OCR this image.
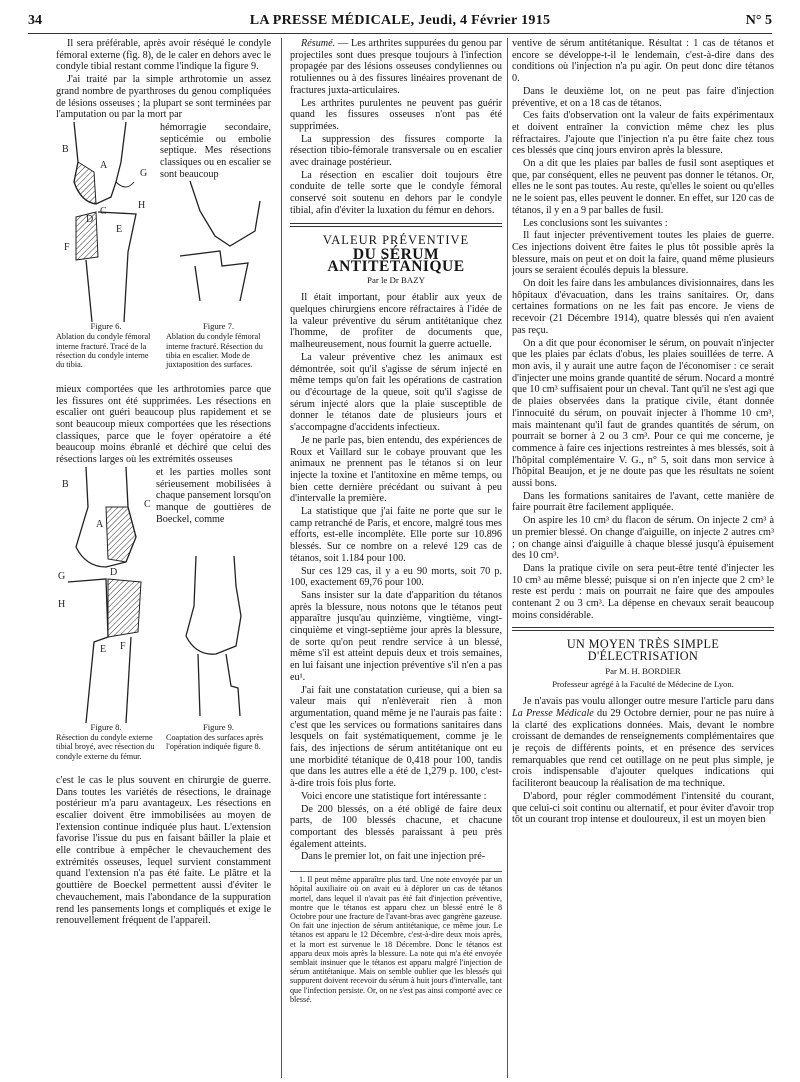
34	LA PRESSE MÉDICALE, Jeudi, 4 Février 1915	N° 5

Il sera préférable, après avoir réséqué le condyle fémoral externe (fig. 8), de le caler en dehors avec le condyle tibial restant comme l'indique la figure 9.

J'ai traité par la simple arthrotomie un assez grand nombre de pyarthroses du genou compliquées de lésions osseuses ; la plupart se sont terminées par l'amputation ou par la mort par

B
A
G
C
D
H
E
F

hémorragie secondaire, septicémie ou embolie septique. Mes résections classiques ou en escalier se sont beaucoup

Figure 6.
Ablation du condyle fémoral interne fracturé. Tracé de la résection du condyle interne du tibia.
Figure 7.
Ablation du condyle fémoral interne fracturé. Résection du tibia en escalier. Mode de juxtaposition des surfaces.

mieux comportées que les arthrotomies parce que les fissures ont été supprimées. Les résections en escalier ont guéri beaucoup plus rapidement et se sont beaucoup mieux comportées que les résections classiques, parce que le foyer opératoire a été beaucoup moins ébranlé et déchiré que celui des résections larges où les extrémités osseuses

B
A
C
D
G
H
F
E

et les parties molles sont sérieusement mobilisées à chaque pansement lorsqu'on manque de gouttières de Boeckel, comme

Figure 8.
Résection du condyle externe tibial broyé, avec résection du condyle externe du fémur.
Figure 9.
Coaptation des surfaces après l'opération indiquée figure 8.

c'est le cas le plus souvent en chirurgie de guerre. Dans toutes les variétés de résections, le drainage postérieur m'a paru avantageux. Les résections en escalier doivent être immobilisées au moyen de l'extension continue indiquée plus haut. L'extension favorise l'issue du pus en faisant bâiller la plaie et elle contribue à empêcher le chevauchement des extrémités osseuses, lequel survient constamment quand l'extension n'a pas été faite. Le plâtre et la gouttière de Boeckel permettent aussi d'éviter le chevauchement, mais l'abondance de la suppuration rend les pansements longs et compliqués et exige le renouvellement fréquent de l'appareil.

Résumé. — Les arthrites suppurées du genou par projectiles sont dues presque toujours à l'infection propagée par des lésions osseuses condyliennes ou rotuliennes ou à des fissures linéaires provenant de fractures juxta-articulaires.

Les arthrites purulentes ne peuvent pas guérir quand les fissures osseuses n'ont pas été supprimées.

La suppression des fissures comporte la résection tibio-fémorale transversale ou en escalier avec drainage postérieur.

La résection en escalier doit toujours être conduite de telle sorte que le condyle fémoral conservé soit soutenu en dehors par le condyle tibial, afin d'éviter la luxation du fémur en dehors.

VALEUR PRÉVENTIVE
DU SÉRUM ANTITÉTANIQUE
Par le Dr BAZY

Il était important, pour établir aux yeux de quelques chirurgiens encore réfractaires à l'idée de la valeur préventive du sérum antitétanique chez l'homme, de profiter de documents que, malheureusement, nous fournit la guerre actuelle.

La valeur préventive chez les animaux est démontrée, soit qu'il s'agisse de sérum injecté en même temps qu'on fait les opérations de castration ou d'écourtage de la queue, soit qu'il s'agisse de sérum injecté alors que la plaie susceptible de donner le tétanos date de plusieurs jours et s'accompagne d'accidents infectieux.

Je ne parle pas, bien entendu, des expériences de Roux et Vaillard sur le cobaye prouvant que les animaux ne prennent pas le tétanos si on leur injecte la toxine et l'antitoxine en même temps, ou bien cette dernière précédant ou suivant à peu d'intervalle la première.

La statistique que j'ai faite ne porte que sur le camp retranché de Paris, et encore, malgré tous mes efforts, est-elle incomplète. Elle porte sur 10.896 blessés. Sur ce nombre on a relevé 129 cas de tétanos, soit 1.184 pour 100.

Sur ces 129 cas, il y a eu 90 morts, soit 70 p. 100, exactement 69,76 pour 100.

Sans insister sur la date d'apparition du tétanos après la blessure, nous notons que le tétanos peut apparaître jusqu'au quinzième, vingtième, vingt-cinquième et vingt-septième jour après la blessure, de sorte qu'on peut rendre service à un blessé, même s'il est atteint depuis deux et trois semaines, en lui faisant une injection préventive s'il n'en a pas eu¹.

J'ai fait une constatation curieuse, qui a bien sa valeur mais qui n'enlèverait rien à mon argumentation, quand même je ne l'aurais pas faite : c'est que les services ou formations sanitaires dans lesquels on fait systématiquement, comme je le fais, des injections de sérum antitétanique ont eu une morbidité tétanique de 0,418 pour 100, tandis que dans les autres elle a été de 1,279 p. 100, c'est-à-dire trois fois plus forte.

Voici encore une statistique fort intéressante :

De 200 blessés, on a été obligé de faire deux parts, de 100 blessés chacune, et chacune comportant des blessés paraissant à peu près également atteints.

Dans le premier lot, on fait une injection pré-

1. Il peut même apparaître plus tard. Une note envoyée par un hôpital auxiliaire où on avait eu à déplorer un cas de tétanos mortel, dans lequel il n'avait pas été fait d'injection préventive, montre que le tétanos est apparu chez un blessé entré le 8 Octobre pour une fracture de l'avant-bras avec gangrène gazeuse. On fait une injection de sérum antitétanique, ce même jour. Le tétanos est apparu le 12 Décembre, c'est-à-dire deux mois après, et la mort est survenue le 18 Décembre. Donc le tétanos est apparu deux mois après la blessure. La note qui m'a été envoyée semblait insinuer que le tétanos est apparu malgré l'injection de sérum antitétanique. Mais on semble oublier que les blessés qui suppurent doivent recevoir du sérum à huit jours d'intervalle, tant que l'infection persiste. Or, on ne s'est pas ainsi comporté avec ce blessé.

ventive de sérum antitétanique. Résultat : 1 cas de tétanos et encore se développe-t-il le lendemain, c'est-à-dire dans des conditions où l'injection n'a pu agir. On peut donc dire tétanos 0.

Dans le deuxième lot, on ne peut pas faire d'injection préventive, et on a 18 cas de tétanos.

Ces faits d'observation ont la valeur de faits expérimentaux et doivent entraîner la conviction même chez les plus réfractaires. J'ajoute que l'injection n'a pu être faite chez tous ces blessés que cinq jours environ après la blessure.

On a dit que les plaies par balles de fusil sont aseptiques et que, par conséquent, elles ne peuvent pas donner le tétanos. Or, elles ne le sont pas toutes. Au reste, qu'elles le soient ou qu'elles ne le soient pas, elles peuvent le donner. En effet, sur 120 cas de tétanos, il y en a 9 par balles de fusil.

Les conclusions sont les suivantes :

Il faut injecter préventivement toutes les plaies de guerre. Ces injections doivent être faites le plus tôt possible après la blessure, mais on peut et on doit la faire, quand même plusieurs jours se seraient écoulés depuis la blessure.

On doit les faire dans les ambulances divisionnaires, dans les hôpitaux d'évacuation, dans les trains sanitaires. Or, dans certaines formations on ne les fait pas encore. Je viens de recevoir (21 Décembre 1914), quatre blessés qui n'en avaient pas reçu.

On a dit que pour économiser le sérum, on pouvait n'injecter que les plaies par éclats d'obus, les plaies souillées de terre. A mon avis, il y aurait une autre façon de l'économiser : ce serait d'injecter une moins grande quantité de sérum. Nocard a montré que 10 cm³ suffisaient pour un cheval. Tant qu'il ne s'est agi que de plaies observées dans la pratique civile, étant donnée l'innocuité du sérum, on pouvait injecter à l'homme 10 cm³, mais maintenant qu'il faut de grandes quantités de sérum, on pourrait se borner à 2 ou 3 cm³. Pour ce qui me concerne, je commence à faire ces injections restreintes à mes blessés, soit à l'hôpital complémentaire V. G., n° 5, soit dans mon service à l'hôpital Beaujon, et je ne doute pas que les résultats ne soient aussi bons.

Dans les formations sanitaires de l'avant, cette manière de faire pourrait être facilement appliquée.

On aspire les 10 cm³ du flacon de sérum. On injecte 2 cm³ à un premier blessé. On change d'aiguille, on injecte 2 autres cm³ ; on change ainsi d'aiguille à chaque blessé jusqu'à épuisement des 10 cm³.

Dans la pratique civile on sera peut-être tenté d'injecter les 10 cm³ au même blessé; puisque si on n'en injecte que 2 cm³ le reste est perdu : mais on pourrait ne faire que des ampoules contenant 2 ou 3 cm³. La dépense en chevaux serait beaucoup moins considérable.

UN MOYEN TRÈS SIMPLE D'ÉLECTRISATION
Par M. H. BORDIER
Professeur agrégé à la Faculté de Médecine de Lyon.

Je n'avais pas voulu allonger outre mesure l'article paru dans La Presse Médicale du 29 Octobre dernier, pour ne pas nuire à la clarté des explications données. Mais, devant le nombre croissant de demandes de renseignements complémentaires que je reçois de différents points, et en présence des services remarquables que rend cet outillage on ne peut plus simple, je crois indispensable d'ajouter quelques indications qui faciliteront beaucoup la réalisation de ma technique.

D'abord, pour régler commodément l'intensité du courant, que celui-ci soit continu ou alternatif, et pour éviter d'avoir trop tôt un courant trop intense et douloureux, il est un moyen bien
